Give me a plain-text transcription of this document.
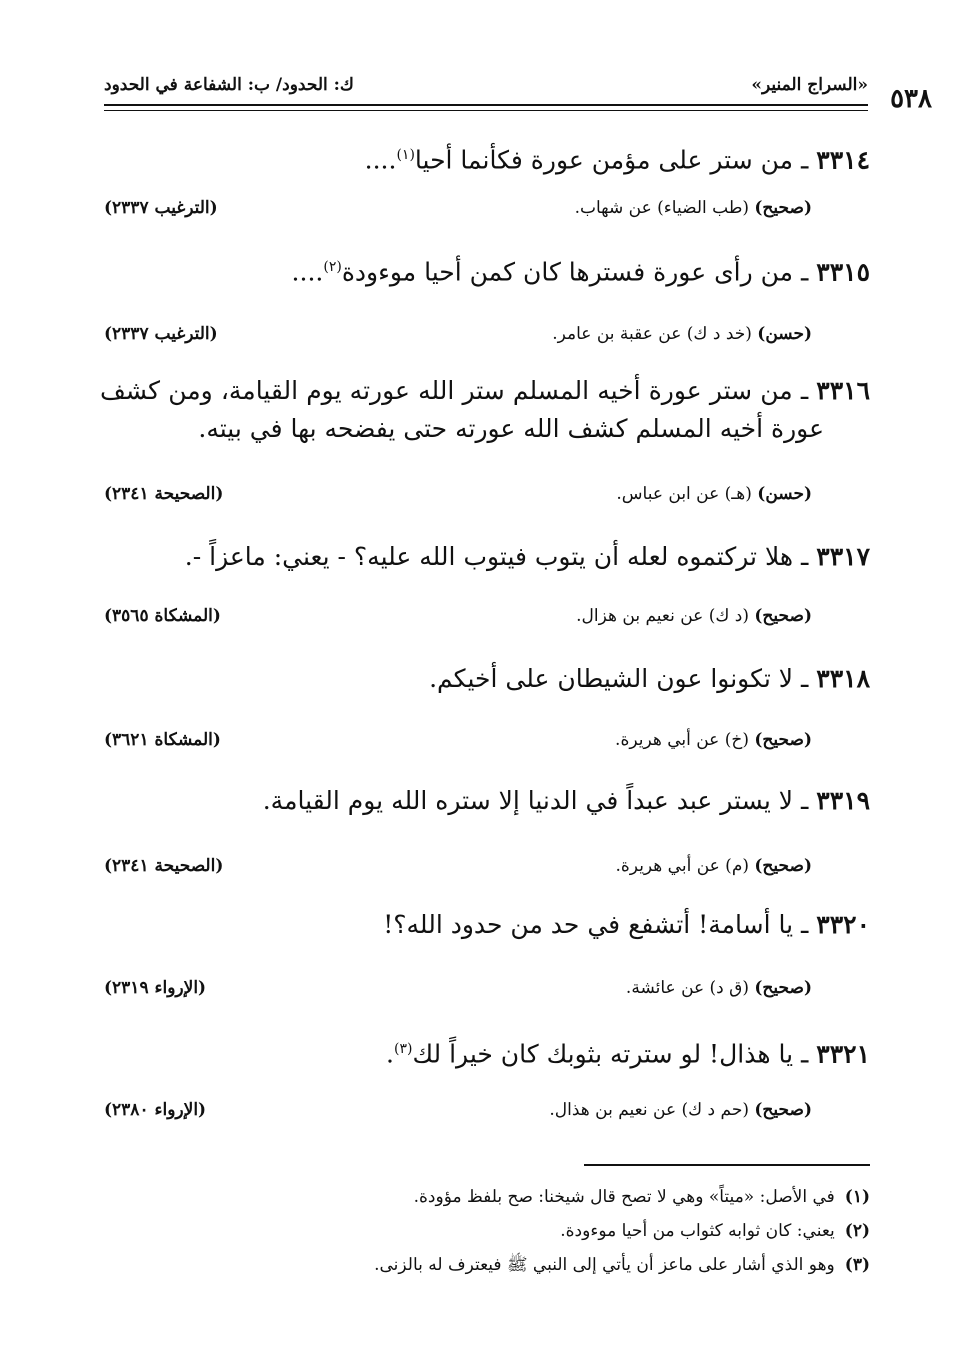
٥٣٨
«السراج المنير»
ك: الحدود/ ب: الشفاعة في الحدود
٣٣١٤ ـ من ستر على مؤمن عورة فكأنما أحيا$^{(١)}$....
(صحيح) (طب الضياء) عن شهاب.
(الترغيب ٢٣٣٧)
٣٣١٥ ـ من رأى عورة فسترها كان كمن أحيا موءودة$^{(٢)}$....
(حسن) (خد د ك) عن عقبة بن عامر.
(الترغيب ٢٣٣٧)
٣٣١٦ ـ من ستر عورة أخيه المسلم ستر الله عورته يوم القيامة، ومن كشف
عورة أخيه المسلم كشف الله عورته حتى يفضحه بها في بيته.
(حسن) (هـ) عن ابن عباس.
(الصحيحة ٢٣٤١)
٣٣١٧ ـ هلا تركتموه لعله أن يتوب فيتوب الله عليه؟ - يعني: ماعزاً -.
(صحيح) (د ك) عن نعيم بن هزال.
(المشكاة ٣٥٦٥)
٣٣١٨ ـ لا تكونوا عون الشيطان على أخيكم.
(صحيح) (خ) عن أبي هريرة.
(المشكاة ٣٦٢١)
٣٣١٩ ـ لا يستر عبد عبداً في الدنيا إلا ستره الله يوم القيامة.
(صحيح) (م) عن أبي هريرة.
(الصحيحة ٢٣٤١)
٣٣٢٠ ـ يا أسامة! أتشفع في حد من حدود الله؟!
(صحيح) (ق د) عن عائشة.
(الإرواء ٢٣١٩)
٣٣٢١ ـ يا هذال! لو سترته بثوبك كان خيراً لك$^{(٣)}$.
(صحيح) (حم د ك) عن نعيم بن هذال.
(الإرواء ٢٣٨٠)
(١)في الأصل: «ميتاً» وهي لا تصح قال شيخنا: صح بلفظ مؤودة.
(٢)يعني: كان ثوابه كثواب من أحيا موءودة.
(٣)وهو الذي أشار على ماعز أن يأتي إلى النبي ﷺ فيعترف له بالزنى.
